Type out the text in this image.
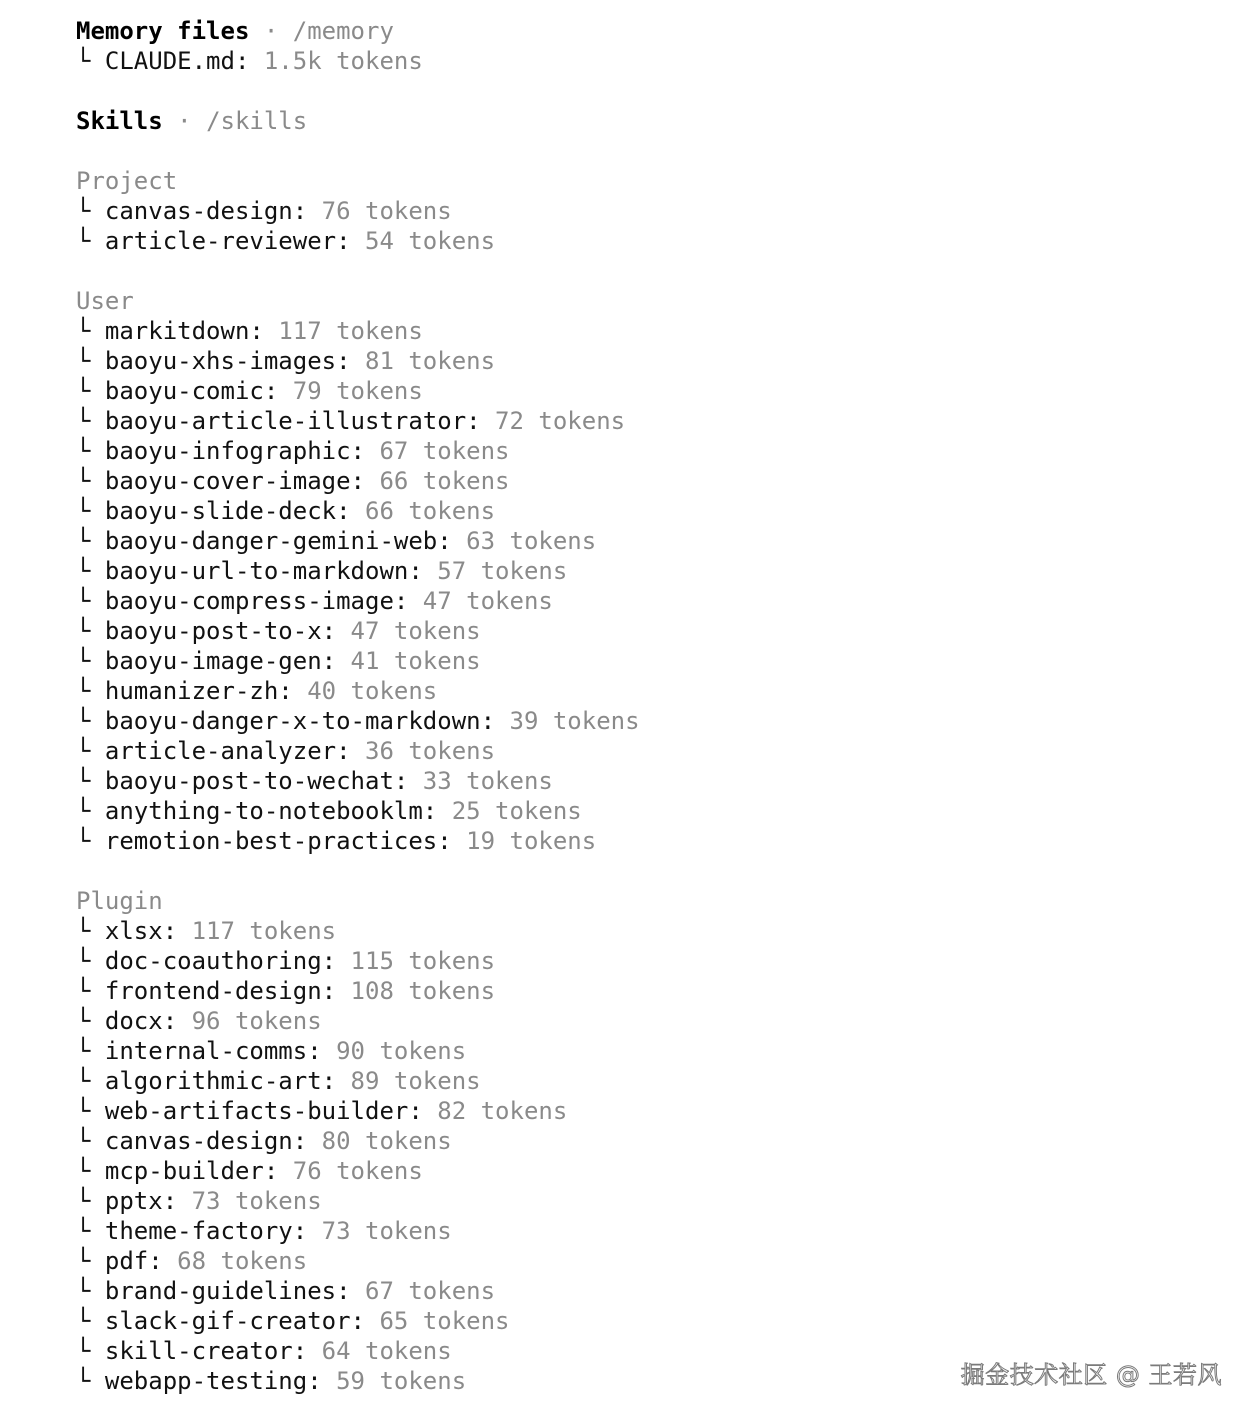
Memory files · /memory
└ CLAUDE.md: 1.5k tokens
Skills · /skills
Project
└ canvas-design: 76 tokens
└ article-reviewer: 54 tokens
User
└ markitdown: 117 tokens
└ baoyu-xhs-images: 81 tokens
└ baoyu-comic: 79 tokens
└ baoyu-article-illustrator: 72 tokens
└ baoyu-infographic: 67 tokens
└ baoyu-cover-image: 66 tokens
└ baoyu-slide-deck: 66 tokens
└ baoyu-danger-gemini-web: 63 tokens
└ baoyu-url-to-markdown: 57 tokens
└ baoyu-compress-image: 47 tokens
└ baoyu-post-to-x: 47 tokens
└ baoyu-image-gen: 41 tokens
└ humanizer-zh: 40 tokens
└ baoyu-danger-x-to-markdown: 39 tokens
└ article-analyzer: 36 tokens
└ baoyu-post-to-wechat: 33 tokens
└ anything-to-notebooklm: 25 tokens
└ remotion-best-practices: 19 tokens
Plugin
└ xlsx: 117 tokens
└ doc-coauthoring: 115 tokens
└ frontend-design: 108 tokens
└ docx: 96 tokens
└ internal-comms: 90 tokens
└ algorithmic-art: 89 tokens
└ web-artifacts-builder: 82 tokens
└ canvas-design: 80 tokens
└ mcp-builder: 76 tokens
└ pptx: 73 tokens
└ theme-factory: 73 tokens
└ pdf: 68 tokens
└ brand-guidelines: 67 tokens
└ slack-gif-creator: 65 tokens
└ skill-creator: 64 tokens
└ webapp-testing: 59 tokens	掘金技术社区 @ 王若风
